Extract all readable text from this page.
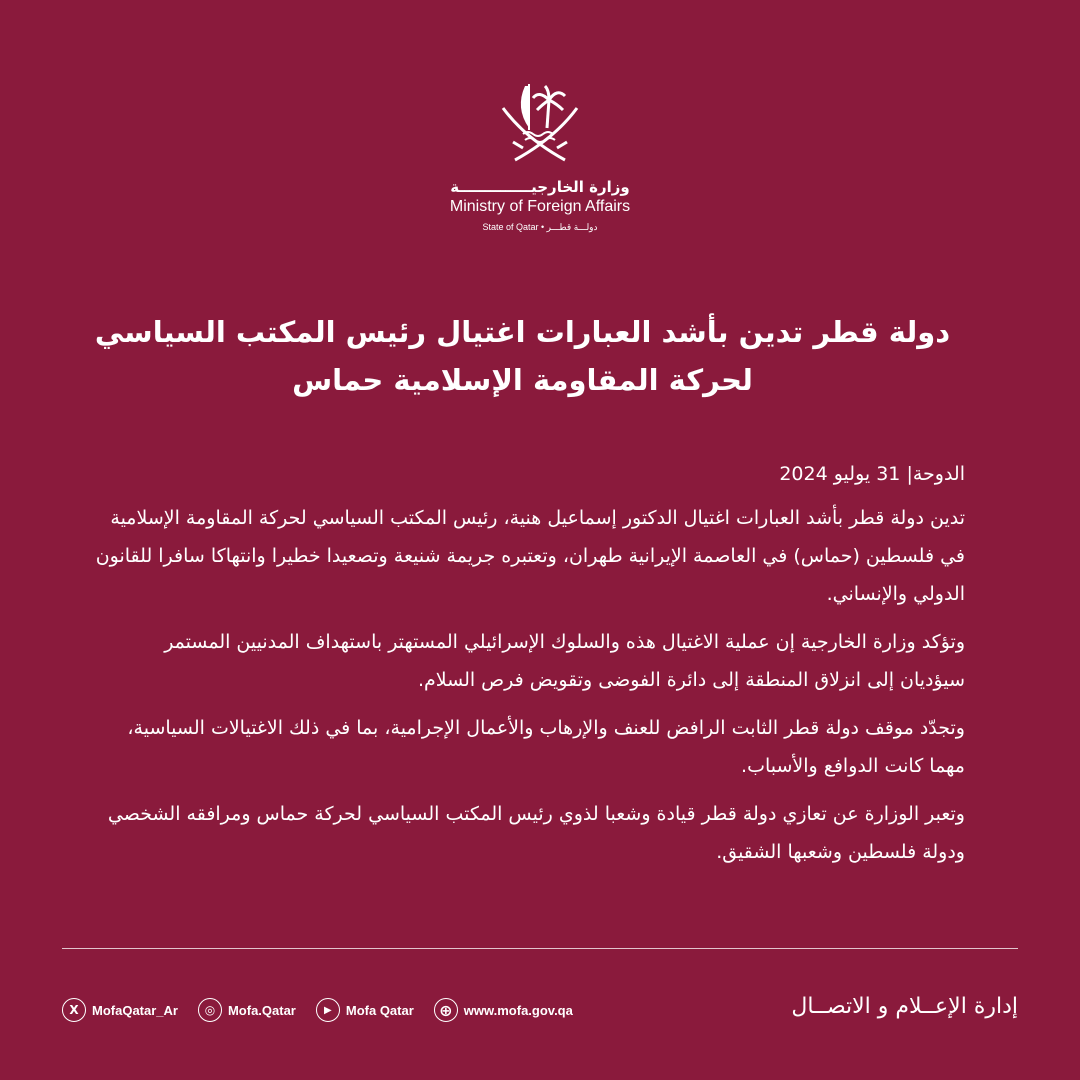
وزارة الخارجيــــــــــــــة
Ministry of Foreign Affairs
State of Qatar • دولـــة قطـــر
دولة قطر تدين بأشد العبارات اغتيال رئيس المكتب السياسي
لحركة المقاومة الإسلامية حماس

الدوحة| 31 يوليو 2024

تدين دولة قطر بأشد العبارات اغتيال الدكتور إسماعيل هنية، رئيس المكتب السياسي لحركة المقاومة الإسلامية في فلسطين (حماس) في العاصمة الإيرانية طهران، وتعتبره جريمة شنيعة وتصعيدا خطيرا وانتهاكا سافرا للقانون الدولي والإنساني.

وتؤكد وزارة الخارجية إن عملية الاغتيال هذه والسلوك الإسرائيلي المستهتر باستهداف المدنيين المستمر سيؤديان إلى انزلاق المنطقة إلى دائرة الفوضى وتقويض فرص السلام.

وتجدّد موقف دولة قطر الثابت الرافض للعنف والإرهاب والأعمال الإجرامية، بما في ذلك الاغتيالات السياسية، مهما كانت الدوافع والأسباب.

وتعبر الوزارة عن تعازي دولة قطر قيادة وشعبا لذوي رئيس المكتب السياسي لحركة حماس ومرافقه الشخصي ودولة فلسطين وشعبها الشقيق.

X	MofaQatar_Ar	◎ Mofa.Qatar	▶	Mofa Qatar	⊕ www.mofa.gov.qa	إدارة الإعــلام و الاتصــال
